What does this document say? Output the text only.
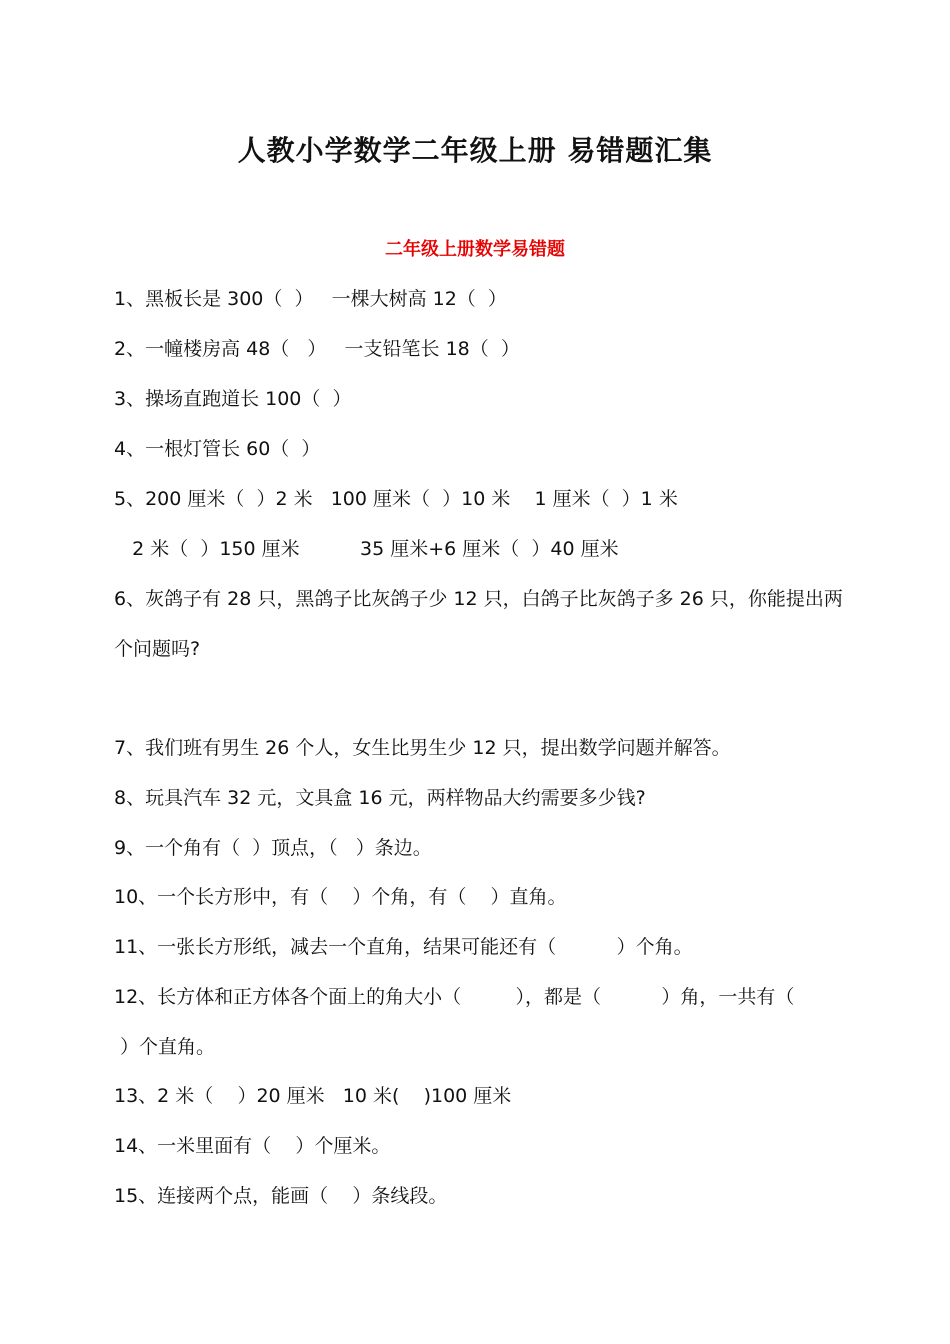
人教小学数学二年级上册 易错题汇集
二年级上册数学易错题
1、黑板长是 300（  ）   一棵大树高 12（  ）
2、一幢楼房高 48（   ）   一支铅笔长 18（  ）
3、操场直跑道长 100（  ）
4、一根灯管长 60（  ）
5、200 厘米（  ）2 米   100 厘米（  ）10 米    1 厘米（  ）1 米
2 米（  ）150 厘米          35 厘米+6 厘米（  ）40 厘米
6、灰鸽子有 28 只，黑鸽子比灰鸽子少 12 只，白鸽子比灰鸽子多 26 只，你能提出两
个问题吗?
7、我们班有男生 26 个人，女生比男生少 12 只，提出数学问题并解答。
8、玩具汽车 32 元，文具盒 16 元，两样物品大约需要多少钱?
9、一个角有（  ）顶点，（   ）条边。
10、一个长方形中，有（    ）个角，有（    ）直角。
11、一张长方形纸，减去一个直角，结果可能还有（          ）个角。
12、长方体和正方体各个面上的角大小（         ），都是（          ）角，一共有（
）个直角。
13、2 米（    ）20 厘米   10 米(    )100 厘米
14、一米里面有（    ）个厘米。
15、连接两个点，能画（    ）条线段。
